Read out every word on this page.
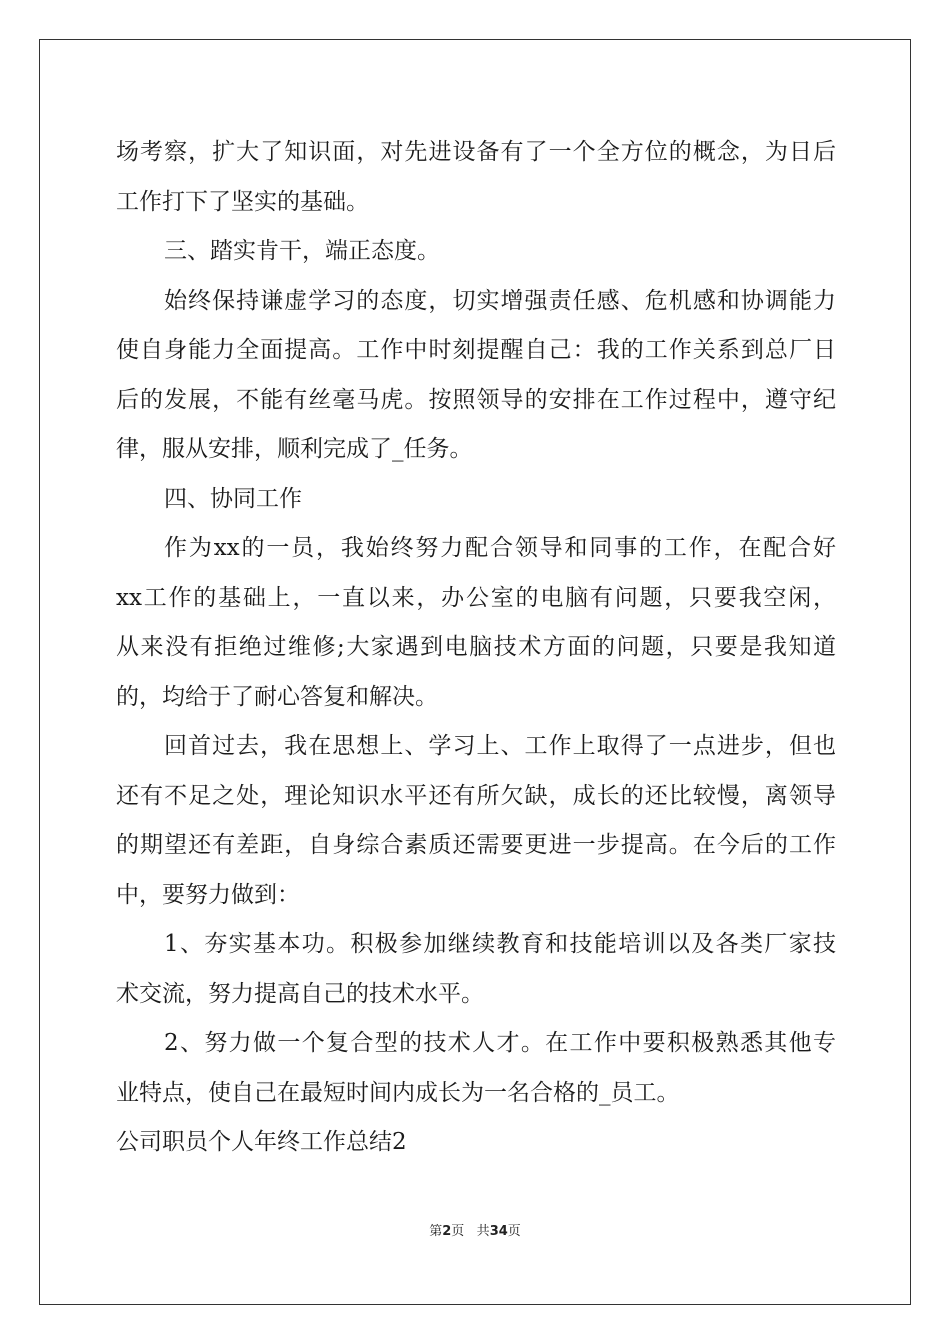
场考察，扩大了知识面，对先进设备有了一个全方位的概念，为日后
工作打下了坚实的基础。
三、踏实肯干，端正态度。
始终保持谦虚学习的态度，切实增强责任感、危机感和协调能力
使自身能力全面提高。工作中时刻提醒自己：我的工作关系到总厂日
后的发展，不能有丝毫马虎。按照领导的安排在工作过程中，遵守纪
律，服从安排，顺利完成了_任务。
四、协同工作
作为xx的一员，我始终努力配合领导和同事的工作，在配合好
xx工作的基础上，一直以来，办公室的电脑有问题，只要我空闲，
从来没有拒绝过维修;大家遇到电脑技术方面的问题，只要是我知道
的，均给于了耐心答复和解决。
回首过去，我在思想上、学习上、工作上取得了一点进步，但也
还有不足之处，理论知识水平还有所欠缺，成长的还比较慢，离领导
的期望还有差距，自身综合素质还需要更进一步提高。在今后的工作
中，要努力做到：
1、夯实基本功。积极参加继续教育和技能培训以及各类厂家技
术交流，努力提高自己的技术水平。
2、努力做一个复合型的技术人才。在工作中要积极熟悉其他专
业特点，使自己在最短时间内成长为一名合格的_员工。
公司职员个人年终工作总结2
第2页 共34页
